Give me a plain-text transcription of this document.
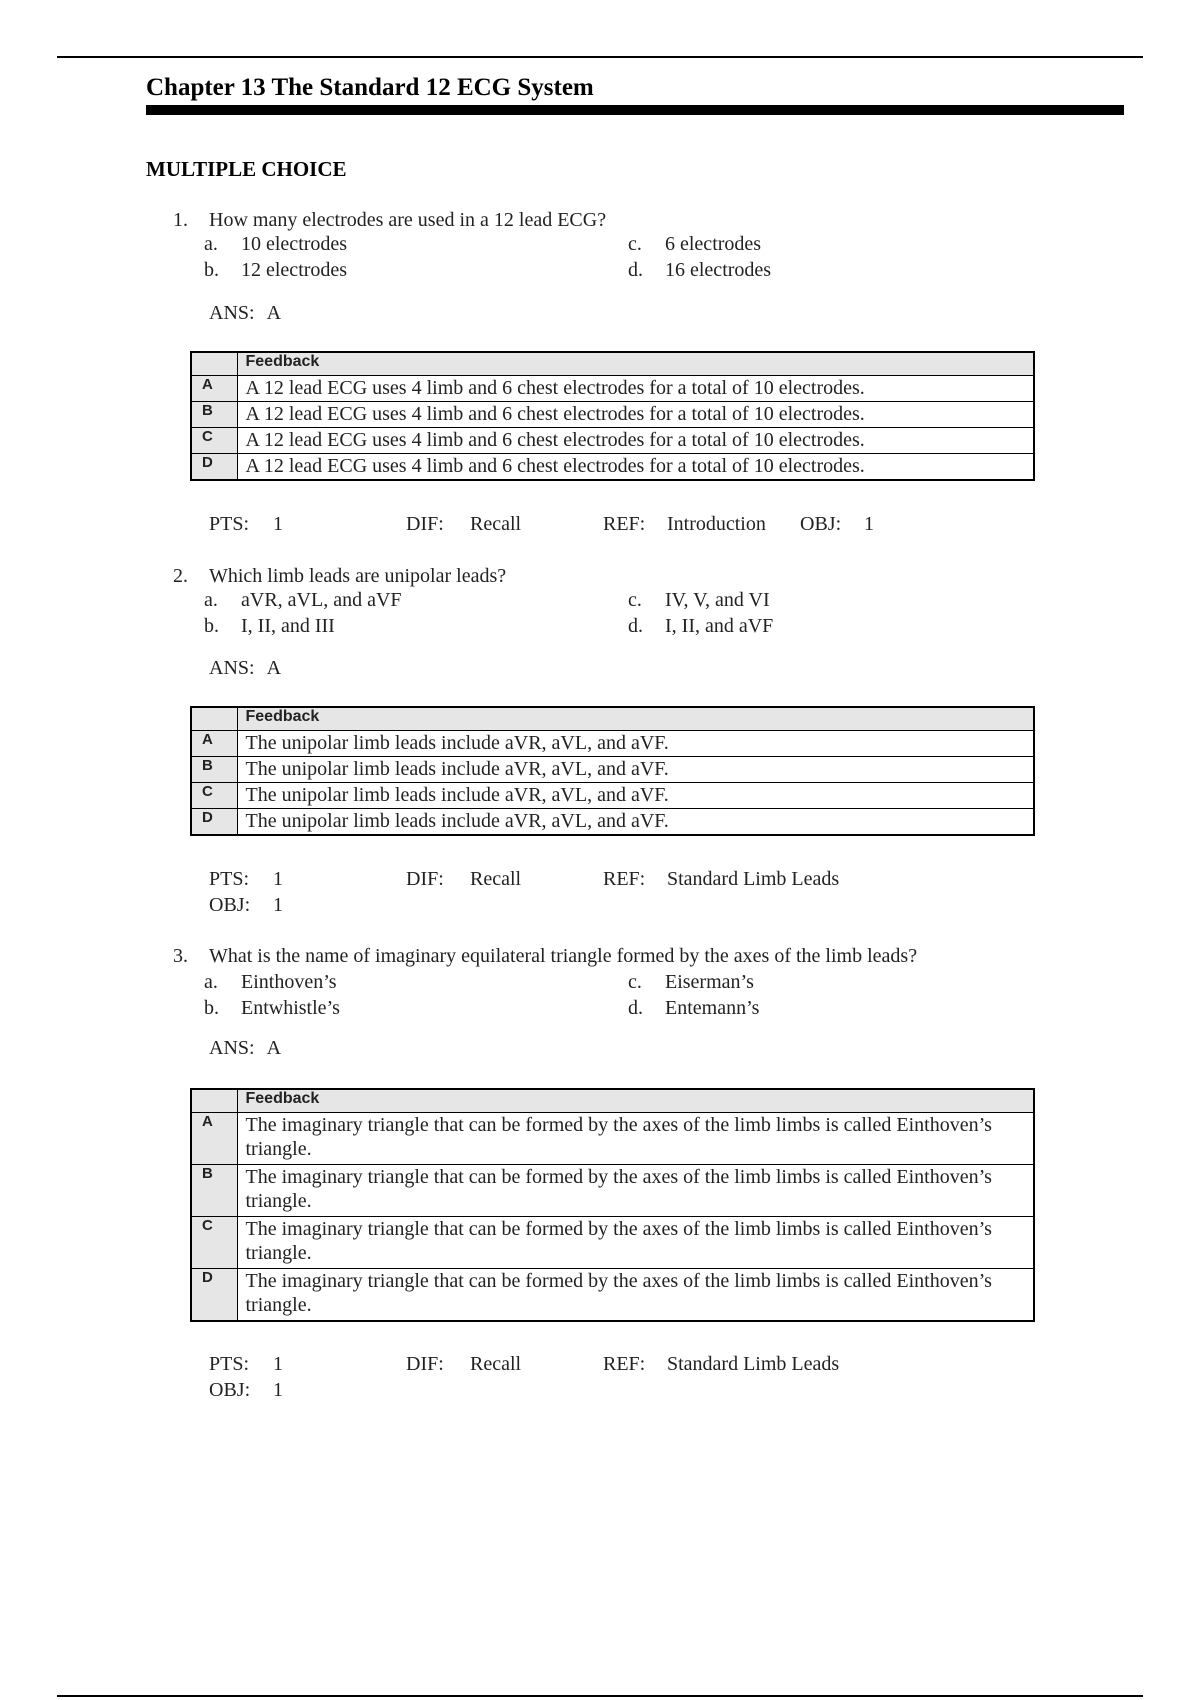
Chapter 13 The Standard 12 ECG System
MULTIPLE CHOICE
1. How many electrodes are used in a 12 lead ECG?
a. 10 electrodes
b. 12 electrodes
c. 6 electrodes
d. 16 electrodes
ANS: A
	Feedback
A	A 12 lead ECG uses 4 limb and 6 chest electrodes for a total of 10 electrodes.
B	A 12 lead ECG uses 4 limb and 6 chest electrodes for a total of 10 electrodes.
C	A 12 lead ECG uses 4 limb and 6 chest electrodes for a total of 10 electrodes.
D	A 12 lead ECG uses 4 limb and 6 chest electrodes for a total of 10 electrodes.
PTS: 1	DIF: Recall	REF: Introduction OBJ: 1
2. Which limb leads are unipolar leads?
a. aVR, aVL, and aVF
b. I, II, and III
c. IV, V, and VI
d. I, II, and aVF
ANS: A
	Feedback
A	The unipolar limb leads include aVR, aVL, and aVF.
B	The unipolar limb leads include aVR, aVL, and aVF.
C	The unipolar limb leads include aVR, aVL, and aVF.
D	The unipolar limb leads include aVR, aVL, and aVF.
PTS: 1	DIF: Recall	REF: Standard Limb Leads
OBJ: 1
3. What is the name of imaginary equilateral triangle formed by the axes of the limb leads?
a. Einthoven’s
b. Entwhistle’s
c. Eiserman’s
d. Entemann’s
ANS: A
	Feedback
A	The imaginary triangle that can be formed by the axes of the limb limbs is called Einthoven’s triangle.
B	The imaginary triangle that can be formed by the axes of the limb limbs is called Einthoven’s triangle.
C	The imaginary triangle that can be formed by the axes of the limb limbs is called Einthoven’s triangle.
D	The imaginary triangle that can be formed by the axes of the limb limbs is called Einthoven’s triangle.
PTS: 1	DIF: Recall	REF: Standard Limb Leads
OBJ: 1
